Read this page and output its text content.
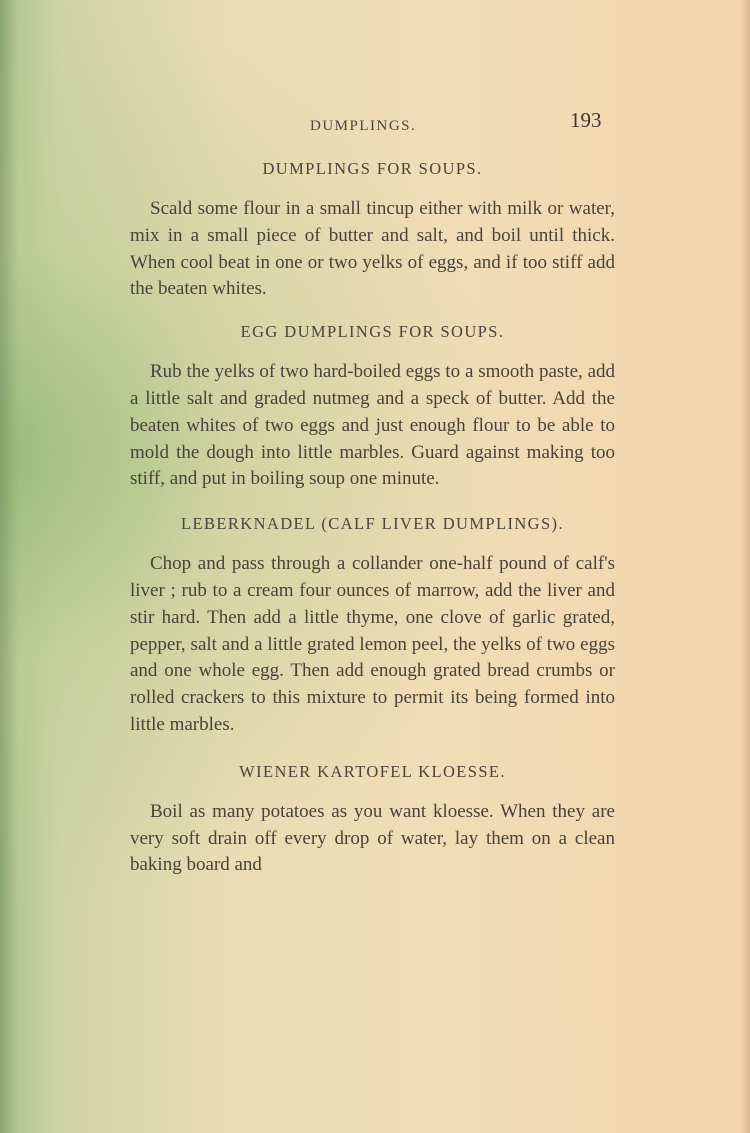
DUMPLINGS.	193
DUMPLINGS FOR SOUPS.

Scald some flour in a small tincup either with milk or water, mix in a small piece of butter and salt, and boil until thick. When cool beat in one or two yelks of eggs, and if too stiff add the beaten whites.

EGG DUMPLINGS FOR SOUPS.

Rub the yelks of two hard-boiled eggs to a smooth paste, add a little salt and graded nutmeg and a speck of butter. Add the beaten whites of two eggs and just enough flour to be able to mold the dough into little marbles. Guard against making too stiff, and put in boiling soup one minute.

LEBERKNADEL (CALF LIVER DUMPLINGS).

Chop and pass through a collander one-half pound of calf's liver ; rub to a cream four ounces of marrow, add the liver and stir hard. Then add a little thyme, one clove of garlic grated, pepper, salt and a little grated lemon peel, the yelks of two eggs and one whole egg. Then add enough grated bread crumbs or rolled crackers to this mixture to permit its being formed into little marbles.

WIENER KARTOFEL KLOESSE.

Boil as many potatoes as you want kloesse. When they are very soft drain off every drop of water, lay them on a clean baking board and
